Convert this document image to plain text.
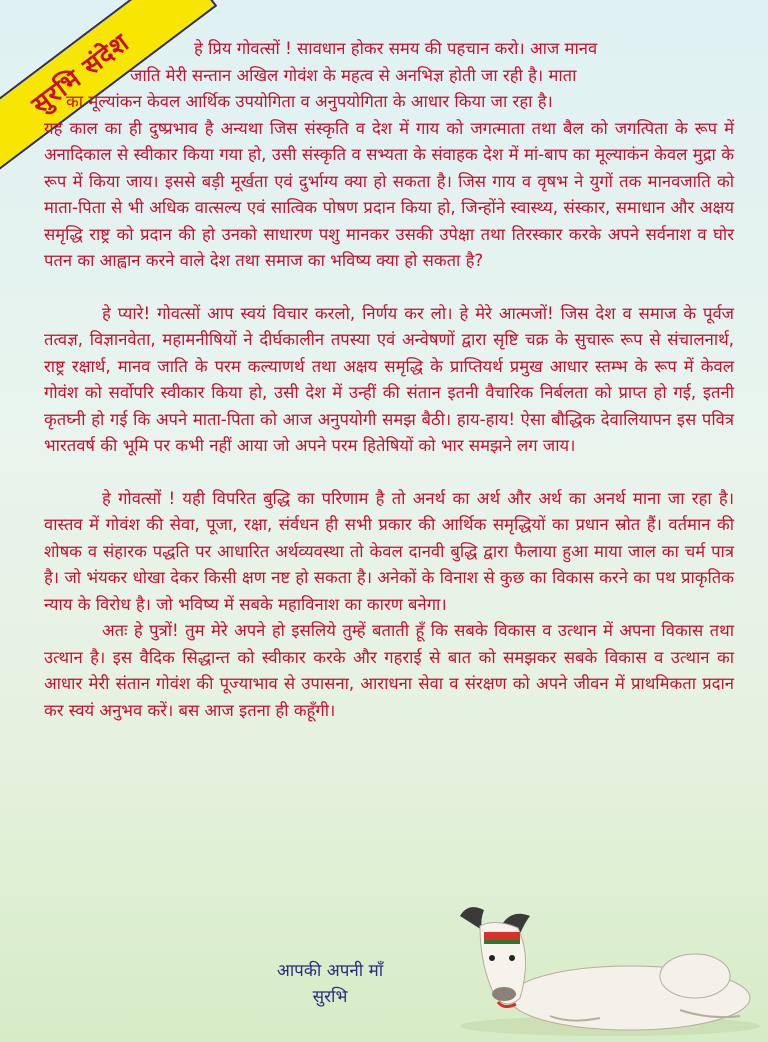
सुरभि संदेश	हे प्रिय गोवत्सों ! सावधान होकर समय की पहचान करो। आज मानव
जाति मेरी सन्तान अखिल गोवंश के महत्व से अनभिज्ञ होती जा रही है। माता
का मूल्यांकन केवल आर्थिक उपयोगिता व अनुपयोगिता के आधार किया जा रहा है।
यह काल का ही दुष्प्रभाव है अन्यथा जिस संस्कृति व देश में गाय को जगत्माता तथा बैल को जगत्पिता के रूप में अनादिकाल से स्वीकार किया गया हो, उसी संस्कृति व सभ्यता के संवाहक देश में मां-बाप का मूल्याकंन केवल मुद्रा के रूप में किया जाय। इससे बड़ी मूर्खता एवं दुर्भाग्य क्या हो सकता है। जिस गाय व वृषभ ने युगों तक मानवजाति को माता-पिता से भी अधिक वात्सल्य एवं सात्विक पोषण प्रदान किया हो, जिन्होंने स्वास्थ्य, संस्कार, समाधान और अक्षय समृद्धि राष्ट्र को प्रदान की हो उनको साधारण पशु मानकर उसकी उपेक्षा तथा तिरस्कार करके अपने सर्वनाश व घोर पतन का आह्वान करने वाले देश तथा समाज का भविष्य क्या हो सकता है?

हे प्यारे! गोवत्सों आप स्वयं विचार करलो, निर्णय कर लो। हे मेरे आत्मजों! जिस देश व समाज के पूर्वज तत्वज्ञ, विज्ञानवेता, महामनीषियों ने दीर्घकालीन तपस्या एवं अन्वेषणों द्वारा सृष्टि चक्र के सुचारू रूप से संचालनार्थ, राष्ट्र रक्षार्थ, मानव जाति के परम कल्याणर्थ तथा अक्षय समृद्धि के प्राप्तियर्थ प्रमुख आधार स्तम्भ के रूप में केवल गोवंश को सर्वोपरि स्वीकार किया हो, उसी देश में उन्हीं की संतान इतनी वैचारिक निर्बलता को प्राप्त हो गई, इतनी कृतघ्नी हो गई कि अपने माता-पिता को आज अनुपयोगी समझ बैठी। हाय-हाय! ऐसा बौद्धिक देवालियापन इस पवित्र भारतवर्ष की भूमि पर कभी नहीं आया जो अपने परम हितेषियों को भार समझने लग जाय।

हे गोवत्सों ! यही विपरित बुद्धि का परिणाम है तो अनर्थ का अर्थ और अर्थ का अनर्थ माना जा रहा है। वास्तव में गोवंश की सेवा, पूजा, रक्षा, संर्वधन ही सभी प्रकार की आर्थिक समृद्धियों का प्रधान स्रोत हैं। वर्तमान की शोषक व संहारक पद्धति पर आधारित अर्थव्यवस्था तो केवल दानवी बुद्धि द्वारा फैलाया हुआ माया जाल का चर्म पात्र है। जो भंयकर धोखा देकर किसी क्षण नष्ट हो सकता है। अनेकों के विनाश से कुछ का विकास करने का पथ प्राकृतिक न्याय के विरोध है। जो भविष्य में सबके महाविनाश का कारण बनेगा।

अतः हे पुत्रों! तुम मेरे अपने हो इसलिये तुम्हें बताती हूँ कि सबके विकास व उत्थान में अपना विकास तथा उत्थान है। इस वैदिक सिद्धान्त को स्वीकार करके और गहराई से बात को समझकर सबके विकास व उत्थान का आधार मेरी संतान गोवंश की पूज्याभाव से उपासना, आराधना सेवा व संरक्षण को अपने जीवन में प्राथमिकता प्रदान कर स्वयं अनुभव करें। बस आज इतना ही कहूँगी।

आपकी अपनी माँ
सुरभि
